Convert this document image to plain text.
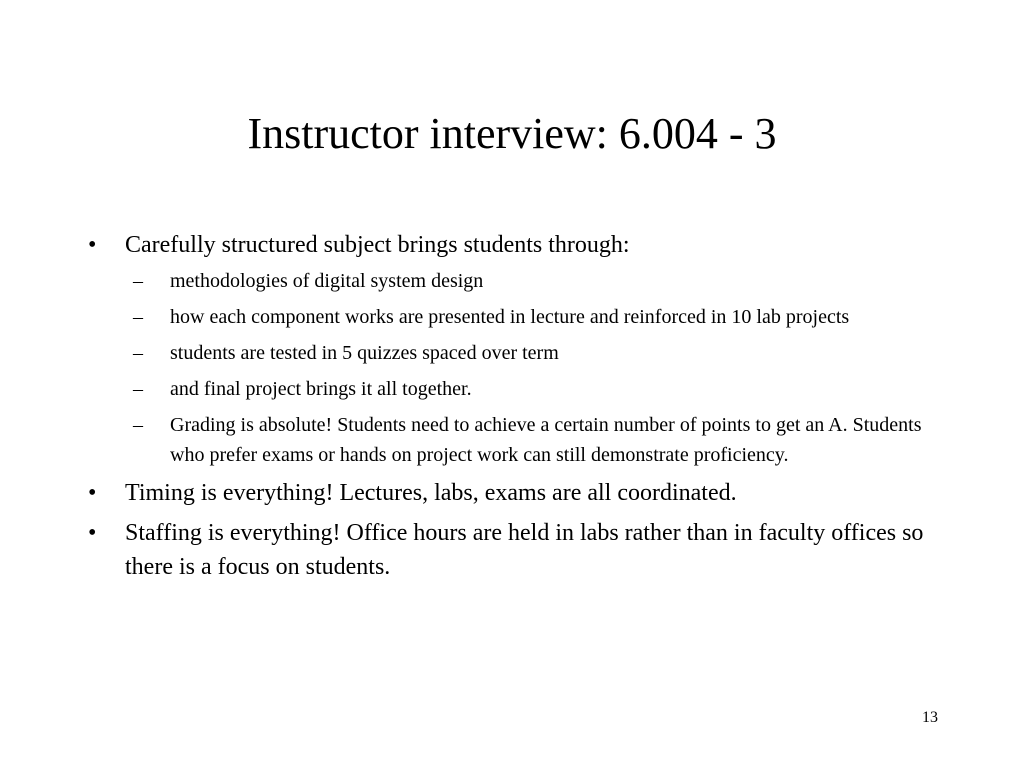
Instructor interview: 6.004 - 3
• Carefully structured subject brings students through:
– methodologies of digital system design
– how each component works are presented in lecture and reinforced in 10 lab projects
– students are tested in 5 quizzes spaced over term
– and final project brings it all together.
– Grading is absolute! Students need to achieve a certain number of points to get an A. Students who prefer exams or hands on project work can still demonstrate proficiency.
• Timing is everything! Lectures, labs, exams are all coordinated.
• Staffing is everything! Office hours are held in labs rather than in faculty offices so there is a focus on students.
13
